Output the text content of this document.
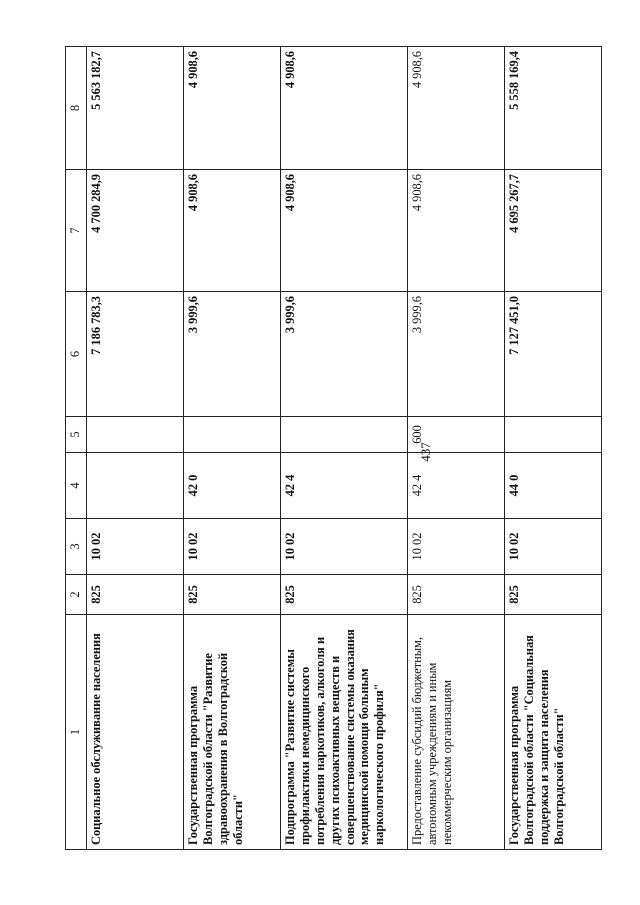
437
1	2	3	4	5	6	7	8
Социальное обслуживание населения	825	10 02			7 186 783,3	4 700 284,9	5 563 182,7
Государственная программа Волгоградской области "Развитие здравоохранения в Волгоградской области"	825	10 02	42 0		3 999,6	4 908,6	4 908,6
Подпрограмма "Развитие системы профилактики немедицинского потребления наркотиков, алкоголя и других психоактивных веществ и совершенствование системы оказания медицинской помощи больным наркологического профиля"	825	10 02	42 4		3 999,6	4 908,6	4 908,6
Предоставление субсидий бюджетным, автономным учреждениям и иным некоммерческим организациям	825	10 02	42 4	600	3 999,6	4 908,6	4 908,6
Государственная программа Волгоградской области "Социальная поддержка и защита населения Волгоградской области"	825	10 02	44 0		7 127 451,0	4 695 267,7	5 558 169,4
